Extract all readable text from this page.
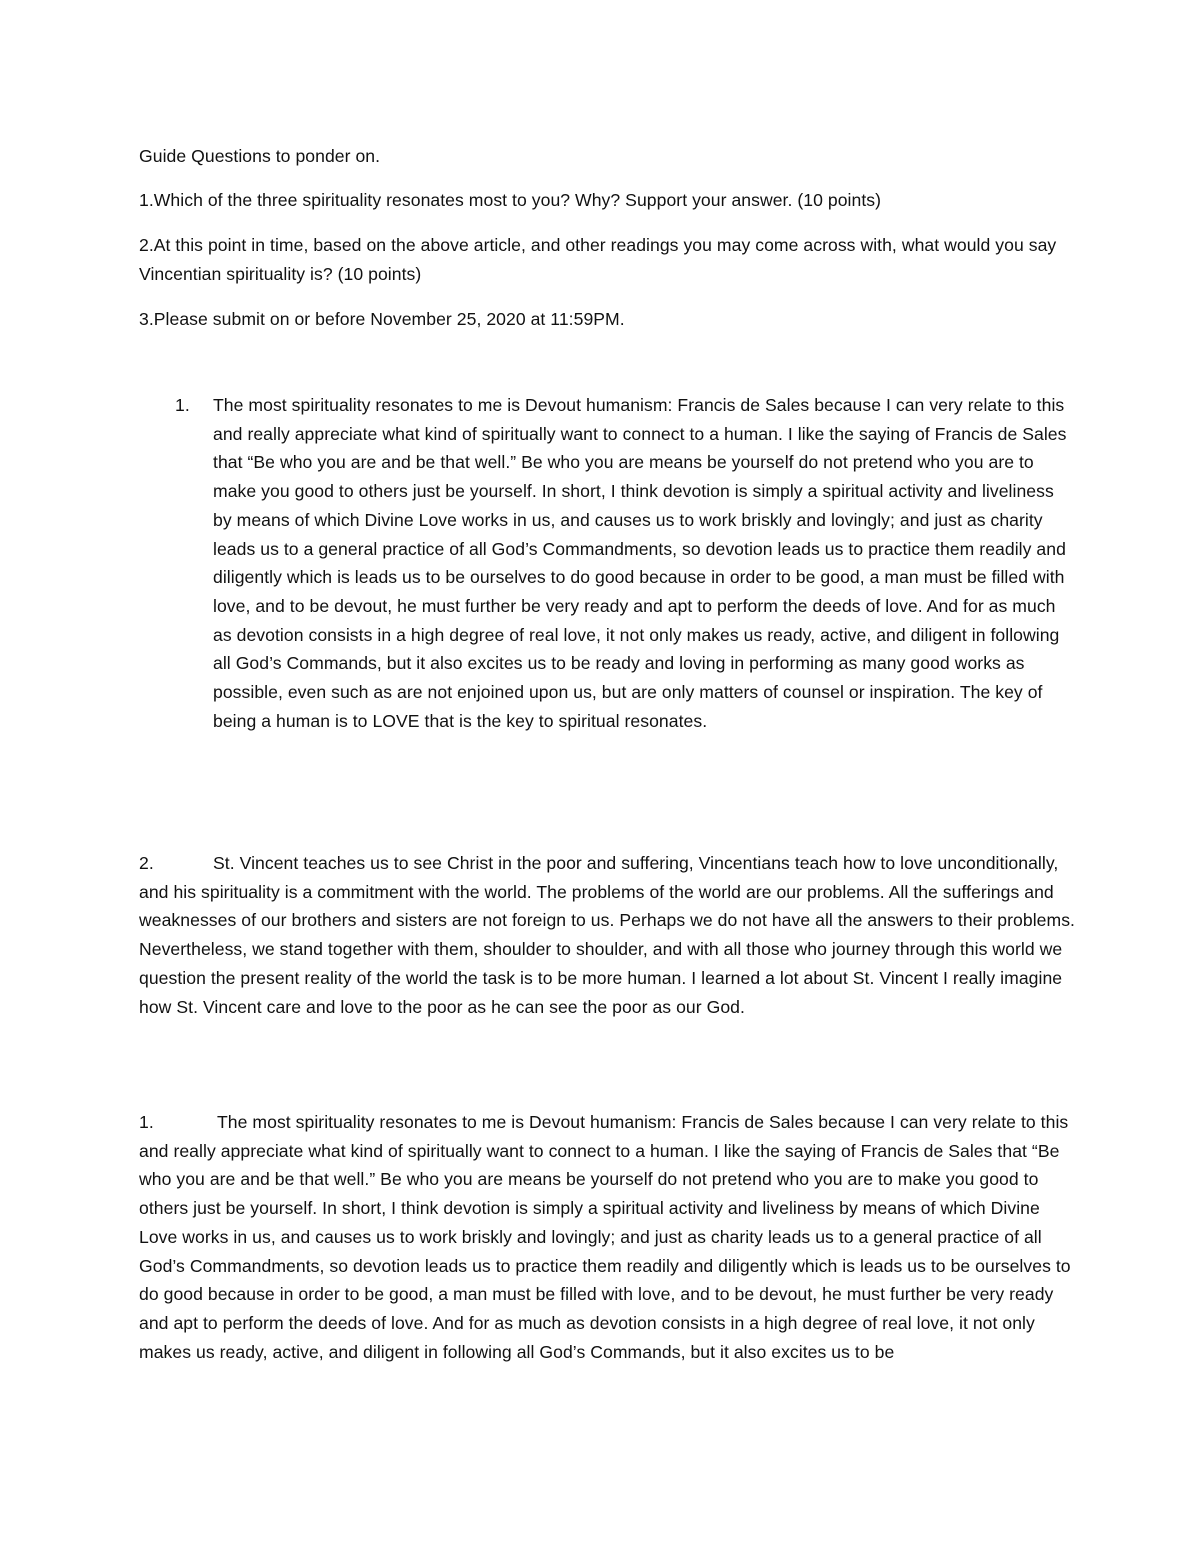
Guide Questions to ponder on.

1.Which of the three spirituality resonates most to you? Why? Support your answer. (10 points)

2.At this point in time, based on the above article, and other readings you may come across with, what would you say Vincentian spirituality is? (10 points)

3.Please submit on or before November 25, 2020 at 11:59PM.

1. The most spirituality resonates to me is Devout humanism: Francis de Sales because I can very relate to this and really appreciate what kind of spiritually want to connect to a human. I like the saying of Francis de Sales that “Be who you are and be that well.” Be who you are means be yourself do not pretend who you are to make you good to others just be yourself. In short, I think devotion is simply a spiritual activity and liveliness by means of which Divine Love works in us, and causes us to work briskly and lovingly; and just as charity leads us to a general practice of all God’s Commandments, so devotion leads us to practice them readily and diligently which is leads us to be ourselves to do good because in order to be good, a man must be filled with love, and to be devout, he must further be very ready and apt to perform the deeds of love. And for as much as devotion consists in a high degree of real love, it not only makes us ready, active, and diligent in following all God’s Commands, but it also excites us to be ready and loving in performing as many good works as possible, even such as are not enjoined upon us, but are only matters of counsel or inspiration. The key of being a human is to LOVE that is the key to spiritual resonates.

2.	St. Vincent teaches us to see Christ in the poor and suffering, Vincentians teach how to love unconditionally, and his spirituality is a commitment with the world. The problems of the world are our problems. All the sufferings and weaknesses of our brothers and sisters are not foreign to us. Perhaps we do not have all the answers to their problems. Nevertheless, we stand together with them, shoulder to shoulder, and with all those who journey through this world we question the present reality of the world the task is to be more human. I learned a lot about St. Vincent I really imagine how St. Vincent care and love to the poor as he can see the poor as our God.

1.	The most spirituality resonates to me is Devout humanism: Francis de Sales because I can very relate to this and really appreciate what kind of spiritually want to connect to a human. I like the saying of Francis de Sales that “Be who you are and be that well.” Be who you are means be yourself do not pretend who you are to make you good to others just be yourself. In short, I think devotion is simply a spiritual activity and liveliness by means of which Divine Love works in us, and causes us to work briskly and lovingly; and just as charity leads us to a general practice of all God’s Commandments, so devotion leads us to practice them readily and diligently which is leads us to be ourselves to do good because in order to be good, a man must be filled with love, and to be devout, he must further be very ready and apt to perform the deeds of love. And for as much as devotion consists in a high degree of real love, it not only makes us ready, active, and diligent in following all God’s Commands, but it also excites us to be
